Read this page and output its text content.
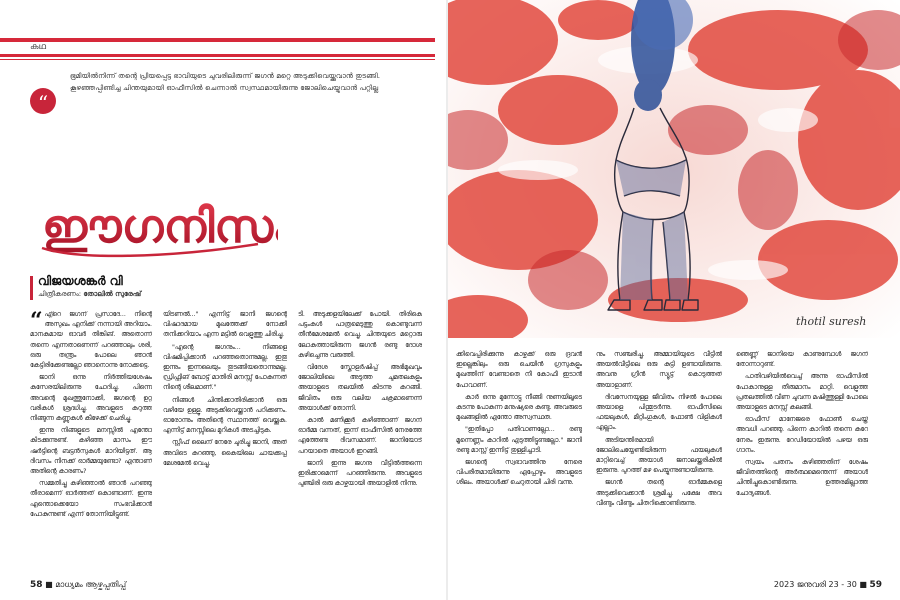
കഥ
“
ഭൂമിയിൽനിന്ന് തന്റെ പ്രിയപ്പെട്ട ഭാവിയുടെ ചുവരിലിരുന്ന് ജഗൻ മറ്റെ അടുക്കിവെയ്ക്കുവാൻ തുടങ്ങി. കൂഴഞ്ഞപ്പിണ്ടിച്ച ചിന്തയുമായി ഓഫീസിൽ ചെന്നാൽ സ്വസ്ഥമായിരുന്നു ജോലിചെയ്യുവാൻ പറ്റില്ല
ഈഗനിസം
വിജയശങ്കർ വി
ചിത്രീകരണം: തോലിൽ സുരേഷ്

“ എ്റെ ജഗന് പ്രസാദേ... നിന്റെ അസുഖം എനിക്ക് നന്നായി അറിയാം. മാനകമായ ഓവർ തിങ്കിങ്. അതൊന്ന് തന്നെ എന്നതാണെന്ന് പറഞ്ഞാലും ശരി, ഒരു തന്ത്രം പോലെ ഞാൻ കേട്ടിരിക്കേണ്ടല്ലോ ഞാനൊന്നു നോക്കട്ടെ.

ജാനി ഒന്നു നിർത്തിയശേഷം കസേരയിലിരുന്നു ചോദിച്ചു. പിന്നെ അവന്റെ മുഖത്തുനോക്കി, ജഗന്റെ ഉറ്റ വരികൾ ശ്രദ്ധിച്ചു. അവളുടെ കറുത്ത നിങ്ങുന്ന കണ്ണുകൾ കീഴേക്ക് ചെരിച്ചു.

ഇന്നു നിങ്ങളുടെ മനസ്സിൽ എന്തോ കിടക്കുന്നുണ്ട്. കഴിഞ്ഞ മാസം ഈ ഷർട്ടിന്റെ ബട്ടൻസുകൾ മാറിയിട്ടത്. ആ ദിവസം നിനക്ക് ഓർമ്മയുണ്ടോ? എന്താണ് അതിന്റെ കാരണം?

സമ്മതിച്ചു കഴിഞ്ഞാൽ ഞാൻ പറഞ്ഞു തീരാമെന്ന് ഓർത്തത് കൊണ്ടാണ്. ഇന്നു എന്തൊക്കെയോ സംഭവിക്കാൻ പോകുന്നുണ്ട് എന്ന് തോന്നിയിട്ടുണ്ട്.

യിടണൽ..." എന്നിട്ട് ജാനി ജഗന്റെ വിഷാദമായ മുഖത്തേക്ക് നോക്കി തനിക്കറിയാം എന്ന മട്ടിൽ വെളുത്തു ചിരിച്ചു.

"എന്റെ ജഗനും... നിങ്ങളെ വിഷമിപ്പിക്കാൻ പറഞ്ഞതൊന്നുമല്ല. ഇതു ഇന്നും ഇന്നലെയും തുടങ്ങിയതൊന്നുമല്ല. ഡ്രിഫ്റ്റിങ് ബോട്ട് മാതിരി മനസ്സ് പോകുന്നത് നിന്റെ ശീലമാണ്."

നിങ്ങൾ ചിന്തിക്കാതിരിക്കാൻ ഒരു വഴിയേ ഉള്ളൂ. അടുക്കിവെയ്ക്കാൻ പഠിക്കണം. ഓരോന്നും അതിന്റെ സ്ഥാനത്ത് വെയ്ക്കുക. എന്നിട്ട് മനസ്സിലെ മുറികൾ അടച്ചിടുക.

സ്റ്റീഫ് ലൈന് നേരേ ചുരിച്ചു ജാനി, അത് അവിടെ കുറഞ്ഞു, കൈയിലെ ചായക്കപ്പ് മേശമേൽ വെച്ചു.

ടി. അടുക്കളയിലേക്ക് പോയി. തിരികെ പട്ടംകൾ പാത്രമെടുത്തു കൊണ്ടുവന്ന് തീൻമേശമേൽ വെച്ചു. ചിന്തയുടെ മറ്റൊരു ലോകത്തായിരുന്ന ജഗൻ രണ്ടു ദോശ കഴിച്ചെന്നു വരുത്തി.

വിദേശ സ്കോളർഷിപ്പ് അഭിമുഖവും ജോലിയിലെ അടുത്ത ചുമതലകളും അയാളുടെ തലയിൽ കിടന്നു കറങ്ങി. ജീവിതം ഒരു വലിയ ചക്രമാണെന്ന് അയാൾക്ക് തോന്നി.

കാൽ മണിക്കൂർ കഴിഞ്ഞാണ് ജഗന് ഓർമ്മ വന്നത്, ഇന്ന് ഓഫീസിൽ നേരത്തേ എത്തേണ്ട ദിവസമാണ്. ജാനിയോട് പറയാതെ അയാൾ ഇറങ്ങി.

ജാനി ഇന്നു ജഗനു വീട്ടിൽത്തന്നെ ഇരിക്കാമെന്ന് പറഞ്ഞിരുന്നു. അവളുടെ പുഞ്ചിരി ഒരു കാഴ്ചയായി അയാളിൽ നിന്നു.

58 ■ മാധ്യമം ആഴ്ചപ്പതിപ്പ്
thotil suresh

ക്കിവെപ്പിരിക്കുന്നു കാഴ്ചക്ക് ഒരു ദ്രവൻ ഇല്ലെങ്കിലും ഒരു ചെയിൻ ഗ്രസുകളും മുഖത്തിന് വേണ്ടാതെ നീ കോഫീ ഇടാൻ പോവാണ്.

കാർ ഒന്നു മുന്നോട്ടു നീങ്ങി നുണയിലൂടെ കടന്നു പോകുന്ന മനുഷ്യരെ കണ്ടു. അവരുടെ മുഖങ്ങളിൽ എന്തോ അസ്വസ്ഥത.

"ഇതിപ്പോ പതിവാണല്ലോ... രണ്ടു മൂന്നെണ്ണം കാറിൽ എടുത്തിട്ടുണ്ടല്ലോ." ജാനി രണ്ടു മാസ്റ്റ് ഇന്നിട്ട് തുള്ളിച്ചാടി.

ജഗന്റെ സ്വഭാവത്തിനു നേരെ വിപരീതമായിരുന്നു എപ്പോഴും അവളുടെ ശീലം. അയാൾക്ക് ചെറുതായി ചിരി വന്നു.

നും സഞ്ചരിച്ചു. അമ്മായിയുടെ വീട്ടിൽ അയൽവീട്ടിലെ ഒരു കുട്ടി ഉണ്ടായിരുന്നു. അവനു ഗ്രീൻ സ്യൂട്ട് കൊടുത്തത് അയാളാണ്.

ദിവസേനയുള്ള ജീവിതം നിഴൽ പോലെ അയാളെ പിന്തുടർന്നു. ഓഫീസിലെ ഫയലുകൾ, മീറ്റിംഗുകൾ, ഫോൺ വിളികൾ എല്ലാം.

അടിയന്തിരമായി ജോലിചെയ്യേണ്ടിയിരുന്ന ഫയലുകൾ മാറ്റിവെച്ച് അയാൾ ജനാലയ്ക്കരികിൽ ഇരുന്നു. പുറത്ത് മഴ പെയ്യുന്നുണ്ടായിരുന്നു.

ജഗൻ തന്റെ ഓർമ്മകളെ അടുക്കിവെക്കാൻ ശ്രമിച്ചു. പക്ഷേ അവ വീണ്ടും വീണ്ടും ചിതറിക്കൊണ്ടിരുന്നു.

ഞെണ്ണ് ജാനിയെ കാണുമ്പോൾ ജഗന് തോന്നാറുണ്ട്.

പാതിവഴിയിൽവെച്ച് അന്നു ഓഫീസിൽ പോകാനുള്ള തീരുമാനം മാറ്റി. വെളുത്ത പ്രതലത്തിൽ വീണ ചുവന്ന മഷിത്തുള്ളി പോലെ അയാളുടെ മനസ്സ് കലങ്ങി.

ഓഫീസ് മാനേജരെ ഫോൺ ചെയ്ത് അവധി പറഞ്ഞു. പിന്നെ കാറിൽ തന്നെ കുറേ നേരം ഇരുന്നു. റേഡിയോയിൽ പഴയ ഒരു ഗാനം.

സ്വയം പതനം കഴിഞ്ഞതിന് ശേഷം ജീവിതത്തിന്റെ അർത്ഥമെന്തെന്ന് അയാൾ ചിന്തിച്ചുകൊണ്ടിരുന്നു. ഉത്തരമില്ലാത്ത ചോദ്യങ്ങൾ.

2023 ജനുവരി 23 - 30 ■ 59
